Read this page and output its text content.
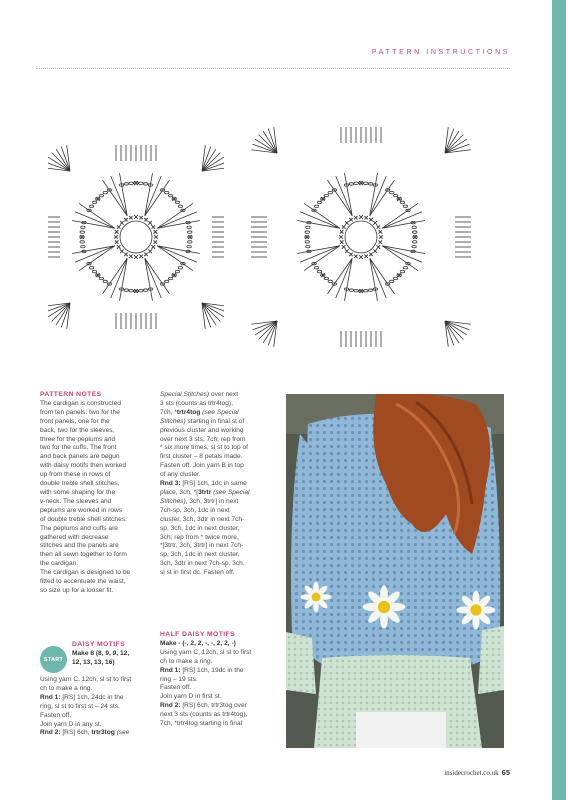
PATTERN INSTRUCTIONS

PATTERN NOTES

The cardigan is constructed

from ten panels: two for the

front panels, one for the

back, two for the sleeves,

three for the peplums and

two for the cuffs. The front

and back panels are begun

with daisy motifs then worked

up from these in rows of

double treble shell stitches,

with some shaping for the

v-neck. The sleeves and

peplums are worked in rows

of double treble shell stitches.

The peplums and cuffs are

gathered with decrease

stitches and the panels are

then all sewn together to form

the cardigan.

The cardigan is designed to be

fitted to accentuate the waist,

so size up for a looser fit.

START

DAISY MOTIFS

Make 8 (8, 9, 9, 12,

12, 13, 13, 16)

Using yarn C, 12ch, sl st to first

ch to make a ring.

Rnd 1: [RS] 1ch, 24dc in the

ring, sl st to first st – 24 sts.

Fasten off.

Join yarn D in any st.

Rnd 2: [RS] 6ch, trtr3tog (see

Special Stitches) over next

3 sts (counts as trtr4tog),

7ch, *trtr4tog (see Special

Stitches) starting in final st of

previous cluster and working

over next 3 sts, 7ch; rep from

* six more times, sl st to top of

first cluster – 8 petals made.

Fasten off. Join yarn B in top

of any cluster.

Rnd 3: [RS] 1ch, 1dc in same

place, 3ch, *[3trtr (see Special

Stitches), 3ch, 3trtr] in next

7ch-sp, 3ch, 1dc in next

cluster, 3ch, 3dtr in next 7ch-

sp, 3ch, 1dc in next cluster,

3ch; rep from * twice more,

*[3trtr, 3ch, 3trtr] in next 7ch-

sp, 3ch, 1dc in next cluster,

3ch, 3dtr in next 7ch-sp, 3ch,

sl st in first dc. Fasten off.

HALF DAISY MOTIFS

Make - (-, 2, 2, -, -, 2, 2, -)

Using yarn C, 12ch, sl st to first

ch to make a ring.

Rnd 1: [RS] 1ch, 19dc in the

ring – 19 sts.

Fasten off.

Join yarn D in first st.

Rnd 2: [RS] 6ch, trtr3tog over

next 3 sts (counts as trtr4tog),

7ch, *trtr4tog starting in final

insidecrochet.co.uk 65
PassionForum.ru
